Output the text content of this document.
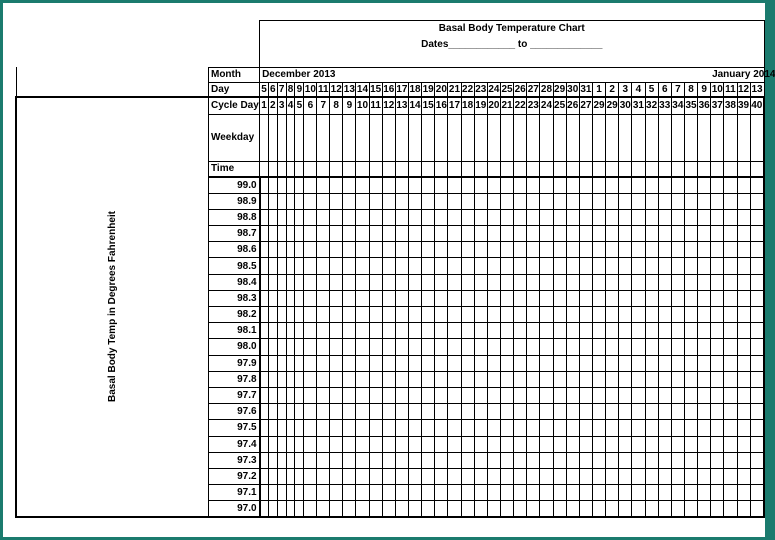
		Basal Body Temperature Chart																																							
		Dates____________ to _____________																																							
	Month	December 2013 January 2014																																							

	Day	5	6	7	8	9	10	11	12	13	14	15	16	17	18	19	20	21	22	23	24	25	26	27	28	29	30	31	1	2	3	4	5	6	7	8	9	10	11	12	13
Basal Body Temp in Degrees Fahrenheit	Cycle Day	1	2	3	4	5	6	7	8	9	10	11	12	13	14	15	16	17	18	19	20	21	22	23	24	25	26	27	29	29	30	31	32	33	34	35	36	37	38	39	40
	Weekday																																								
	Time																																								
	99.0																																								
	98.9																																								
	98.8																																								
	98.7																																								
	98.6																																								
	98.5																																								
	98.4																																								
	98.3																																								
	98.2																																								
	98.1																																								
	98.0																																								
	97.9																																								
	97.8																																								
	97.7																																								
	97.6																																								
	97.5																																								
	97.4																																								
	97.3																																								
	97.2																																								
	97.1																																								
	97.0																																								
